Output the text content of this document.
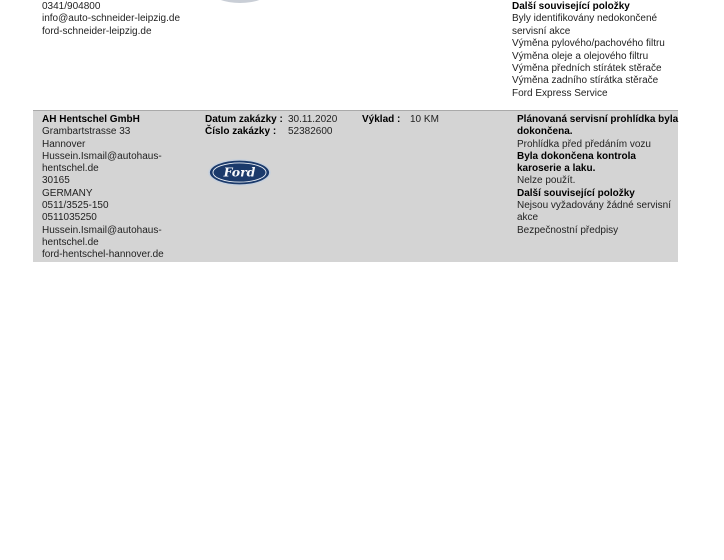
0341/904800
info@auto-schneider-leipzig.de
ford-schneider-leipzig.de
Další související položky
Byly identifikovány nedokončené
servisní akce
Výměna pylového/pachového filtru
Výměna oleje a olejového filtru
Výměna předních stírátek stěrače
Výměna zadního stírátka stěrače
Ford Express Service
AH Hentschel GmbH
Grambartstrasse 33
Hannover
Hussein.Ismail@autohaus-
hentschel.de
30165
GERMANY
0511/3525-150
0511035250
Hussein.Ismail@autohaus-
hentschel.de
ford-hentschel-hannover.de
Datum zakázky : 30.11.2020 Výklad : 10 KM
Číslo zakázky : 52382600
Ford
Plánovaná servisní prohlídka byla
dokončena.
Prohlídka před předáním vozu
Byla dokončena kontrola
karoserie a laku.
Nelze použít.
Další související položky
Nejsou vyžadovány žádné servisní
akce
Bezpečnostní předpisy
